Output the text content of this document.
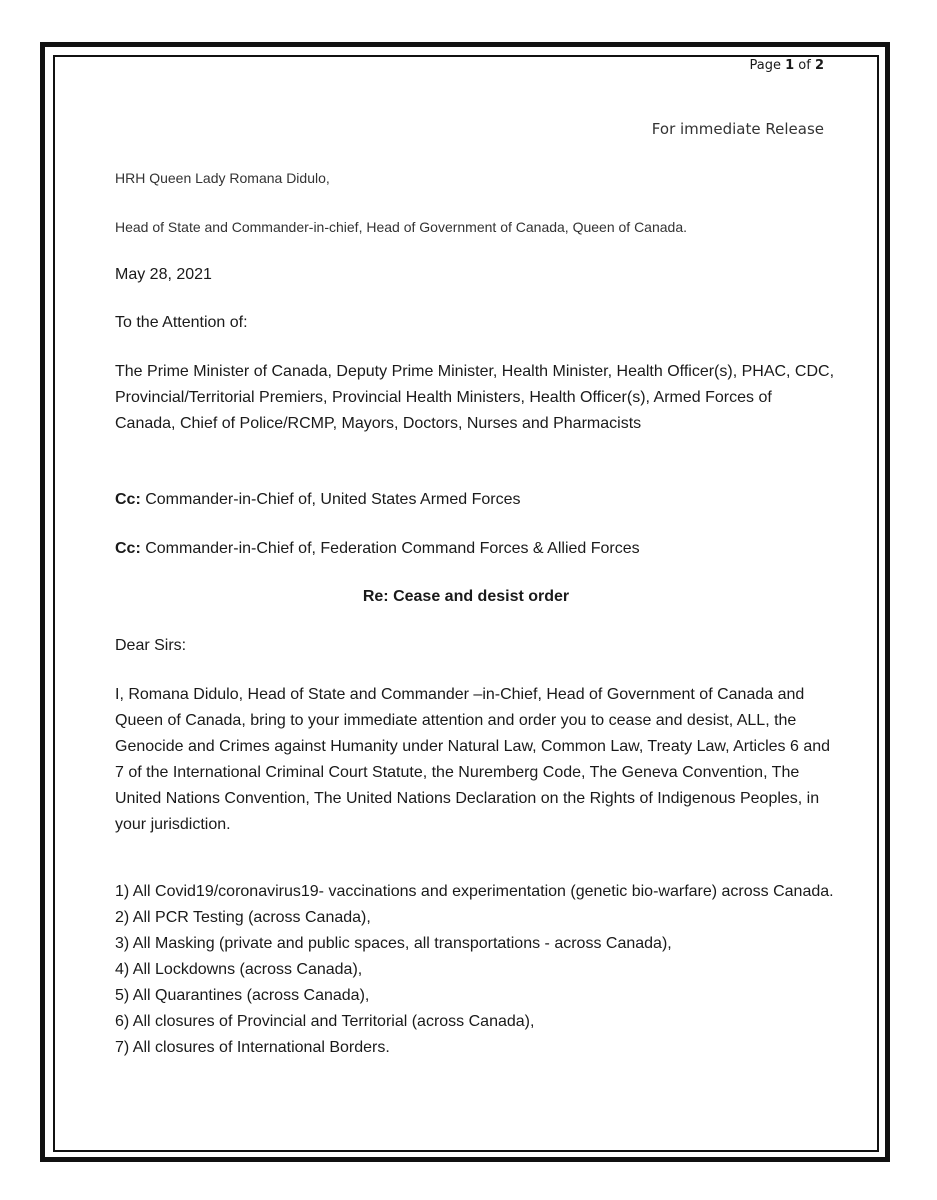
Page 1 of 2

For immediate Release

HRH Queen Lady Romana Didulo,

Head of State and Commander-in-chief, Head of Government of Canada, Queen of Canada.

May 28, 2021

To the Attention of:

The Prime Minister of Canada, Deputy Prime Minister, Health Minister, Health Officer(s), PHAC, CDC, Provincial/Territorial Premiers, Provincial Health Ministers, Health Officer(s), Armed Forces of Canada, Chief of Police/RCMP, Mayors, Doctors, Nurses and Pharmacists

Cc: Commander-in-Chief of, United States Armed Forces

Cc: Commander-in-Chief of, Federation Command Forces & Allied Forces

Re: Cease and desist order

Dear Sirs:

I, Romana Didulo, Head of State and Commander –in-Chief, Head of Government of Canada and Queen of Canada, bring to your immediate attention and order you to cease and desist, ALL, the Genocide and Crimes against Humanity under Natural Law, Common Law, Treaty Law, Articles 6 and 7 of the International Criminal Court Statute, the Nuremberg Code, The Geneva Convention, The United Nations Convention, The United Nations Declaration on the Rights of Indigenous Peoples, in your jurisdiction.

1) All Covid19/coronavirus19- vaccinations and experimentation (genetic bio-warfare) across Canada.
2) All PCR Testing (across Canada),
3) All Masking (private and public spaces, all transportations - across Canada),
4) All Lockdowns (across Canada),
5) All Quarantines (across Canada),
6) All closures of Provincial and Territorial (across Canada),
7) All closures of International Borders.
